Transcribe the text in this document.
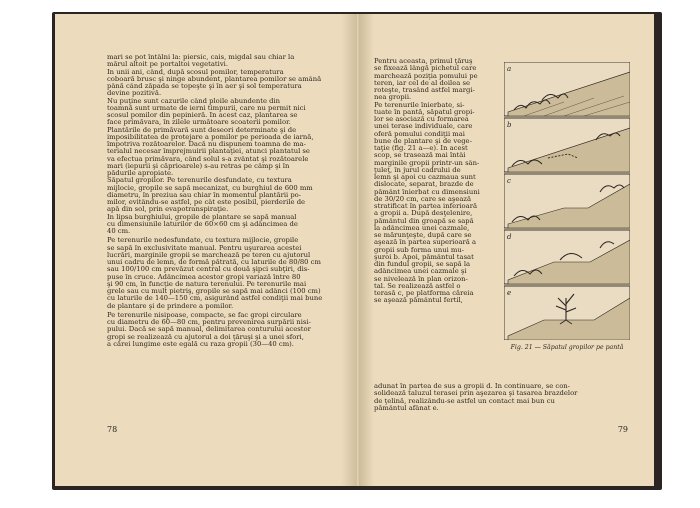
mari se pot întâlni la: piersic, cais, migdal sau chiar la
mărul altoit pe portaltoi vegetativi.
În unii ani, când, după scosul pomilor, temperatura
coboară brusc şi ninge abundent, plantarea pomilor se amână
până când zăpada se topeşte şi în aer şi sol temperatura
devine pozitivă.
Nu puţine sunt cazurile când ploile abundente din
toamnă sunt urmate de ierni timpurii, care nu permit nici
scosul pomilor din pepinieră. În acest caz, plantarea se
face primăvara, în zilele următoare scoaterii pomilor.
Plantările de primăvară sunt deseori determinate şi de
imposibilitatea de protejare a pomilor pe perioada de iarnă,
împotriva rozătoarelor. Dacă nu dispunem toamna de ma-
terialul necesar împrejmuirii plantaţiei, atunci plantatul se
va efectua primăvara, când solul s-a zvântat şi rozătoarele
mari (iepurii şi căprioarele) s-au retras pe câmp şi în
pădurile apropiate.
Săpatul gropilor. Pe terenurile desfundate, cu textura
mijlocie, gropile se sapă mecanizat, cu burghiul de 600 mm
diametru, în preziua sau chiar în momentul plantării po-
milor, evitându-se astfel, pe cât este posibil, pierderile de
apă din sol, prin evapotranspiraţie.
În lipsa burghiului, gropile de plantare se sapă manual
cu dimensiunile laturilor de 60×60 cm şi adâncimea de
40 cm.

Pe terenurile nedesfundate, cu textura mijlocie, gropile
se sapă în exclusivitate manual. Pentru uşurarea acestei
lucrări, marginile gropii se marchează pe teren cu ajutorul
unui cadru de lemn, de formă pătrată, cu laturile de 80/80 cm
sau 100/100 cm prevăzut central cu două şipci subţiri, dis-
puse în cruce. Adâncimea acestor gropi variază între 80
şi 90 cm, în funcţie de natura terenului. Pe terenurile mai
grele sau cu mult pietriş, gropile se sapă mai adânci (100 cm)
cu laturile de 140—150 cm, asigurând astfel condiţii mai bune
de plantare şi de prindere a pomilor.

Pe terenurile nisipoase, compacte, se fac gropi circulare
cu diametru de 60—80 cm, pentru prevenirea surpării nisi-
pului. Dacă se sapă manual, delimitarea conturului acestor
gropi se realizează cu ajutorul a doi ţăruşi şi a unei sfori,
a cărei lungime este egală cu raza gropii (30—40 cm).
78
Pentru aceasta, primul ţăruş
se fixează lângă pichetul care
marchează poziţia pomului pe
teren, iar cel de al doilea se
roteşte, trasând astfel margi-
nea gropii.
Pe terenurile înierbate, si-
tuate în pantă, săpatul gropi-
lor se asociază cu formarea
unei terase individuale, care
oferă pomului condiţii mai
bune de plantare şi de vege-
taţie (fig. 21 a—e). În acest
scop, se trasează mai întâi
marginile gropii printr-un sân-
ţuleţ, în jurul cadrului de
lemn şi apoi cu cazmaua sunt
dislocate, separat, brazde de
pământ înierbat cu dimensiuni
de 30/20 cm, care se aşează
stratificat în partea inferioară
a gropii a. După desţelenire,
pământul din groapă se sapă
la adâncimea unei cazmale,
se mărunţeşte, după care se
aşează în partea superioară a
gropii sub forma unui mu-
şuroi b. Apoi, pământul tasat
din fundul gropii, se sapă la
adâncimea unei cazmale şi
se nivelează în plan orizon-
tal. Se realizează astfel o
terasă c, pe platforma căreia
se aşează pământul fertil,
a
b
c
d
e
Fig. 21 — Săpatul gropilor pe pantă
adunat în partea de sus a gropii d. În continuare, se con-
solidează taluzul terasei prin aşezarea şi tasarea brazdelor
de ţelină, realizându-se astfel un contact mai bun cu
pământul afânat e.
79
